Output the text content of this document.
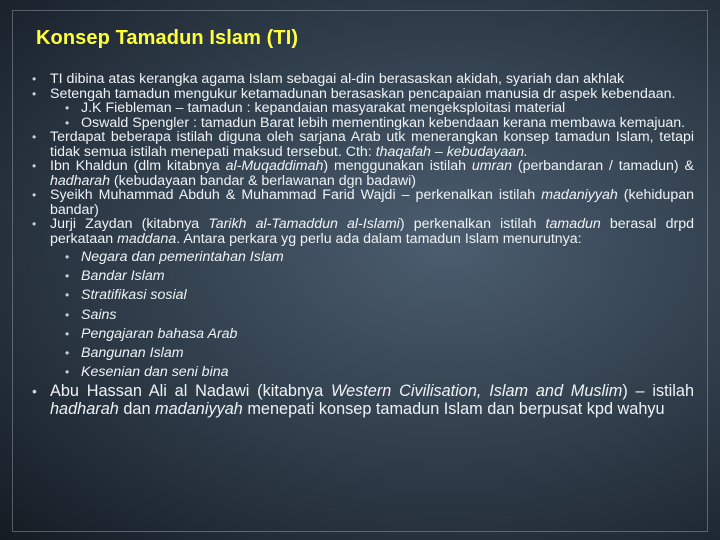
Konsep Tamadun Islam (TI)
• TI dibina atas kerangka agama Islam sebagai al-din berasaskan akidah, syariah dan akhlak
• Setengah tamadun mengukur ketamadunan berasaskan pencapaian manusia dr aspek kebendaan.
• J.K Fiebleman – tamadun : kepandaian masyarakat mengeksploitasi material
• Oswald Spengler : tamadun Barat lebih mementingkan kebendaan kerana membawa kemajuan.
• Terdapat beberapa istilah diguna oleh sarjana Arab utk menerangkan konsep tamadun Islam, tetapi tidak semua istilah menepati maksud tersebut. Cth: thaqafah – kebudayaan.
• Ibn Khaldun (dlm kitabnya al-Muqaddimah) menggunakan istilah umran (perbandaran / tamadun) & hadharah (kebudayaan bandar & berlawanan dgn badawi)
• Syeikh Muhammad Abduh & Muhammad Farid Wajdi – perkenalkan istilah madaniyyah (kehidupan bandar)
• Jurji Zaydan (kitabnya Tarikh al-Tamaddun al-Islami) perkenalkan istilah tamadun berasal drpd perkataan maddana. Antara perkara yg perlu ada dalam tamadun Islam menurutnya:
• Negara dan pemerintahan Islam
• Bandar Islam
• Stratifikasi sosial
• Sains
• Pengajaran bahasa Arab
• Bangunan Islam
• Kesenian dan seni bina
• Abu Hassan Ali al Nadawi (kitabnya Western Civilisation, Islam and Muslim) – istilah hadharah dan madaniyyah menepati konsep tamadun Islam dan berpusat kpd wahyu
